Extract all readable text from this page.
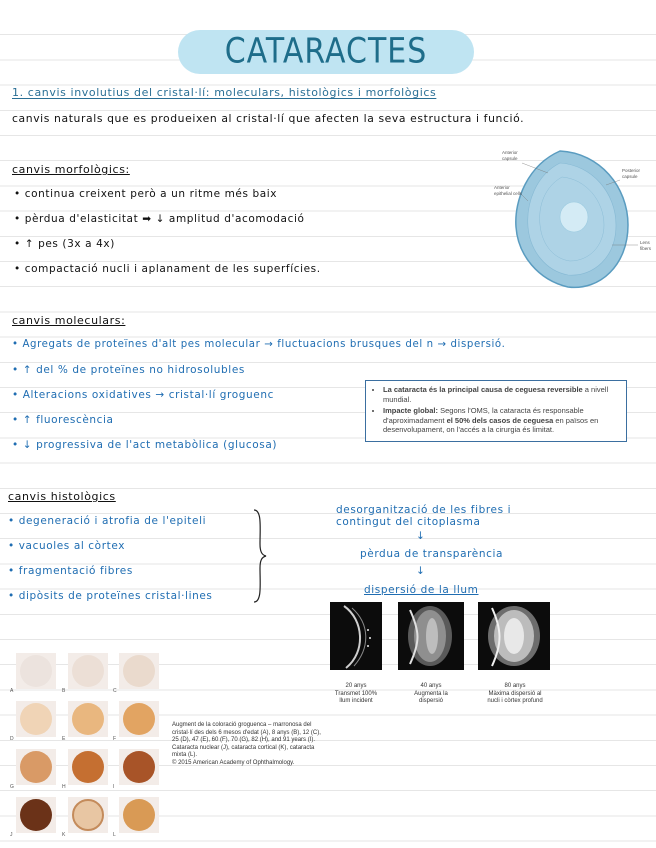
CATARACTES
1. canvis involutius del cristal·lí: moleculars, histològics i morfològics
canvis naturals que es produeixen al cristal·lí que afecten la seva estructura i funció.
canvis morfològics:
• continua creixent però a un ritme més baix
• pèrdua d'elasticitat ➡ ↓ amplitud d'acomodació
• ↑ pes (3x a 4x)
• compactació nucli i aplanament de les superfícies.
Anterior capsule
Anterior epithelial cells
Posterior capsule
Lens fibers
canvis moleculars:
• Agregats de proteïnes d'alt pes molecular → fluctuacions brusques del n → dispersió.
• ↑ del % de proteïnes no hidrosolubles
• Alteracions oxidatives → cristal·lí groguenc
• ↑ fluorescència
• ↓ progressiva de l'act metabòlica (glucosa)
• La cataracta és la principal causa de ceguesa reversible a nivell mundial.
• Impacte global: Segons l'OMS, la cataracta és responsable d'aproximadament el 50% dels casos de ceguesa en països en desenvolupament, on l'accés a la cirurgia és limitat.
canvis histològics
• degeneració i atrofia de l'epiteli
• vacuoles al còrtex
• fragmentació fibres
• dipòsits de proteïnes cristal·lines
desorganització de les fibres i
contingut del citoplasma
↓
pèrdua de transparència
↓
dispersió de la llum
20 anys
Transmet 100%
llum incident
40 anys
Augmenta la
dispersió
80 anys
Màxima dispersió al
nucli i còrtex profund
A	B	C
D	E	F
G	H	I
J	K	L
Augment de la coloració groguenca – marronosa del cristal·lí des dels 6 mesos d'edat (A), 8 anys (B), 12 (C), 25 (D), 47 (E), 60 (F), 70 (G), 82 (H), and 91 years (I). Cataracta nuclear (J), cataracta cortical (K), cataracta mixta (L).
© 2015 American Academy of Ophthalmology.
